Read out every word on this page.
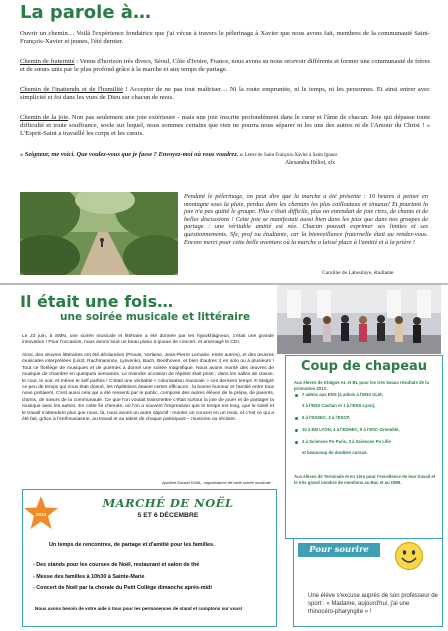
La parole à…

Ouvrir un chemin… Voilà l'expérience fondatrice que j'ai vécue à travers le pèlerinage à Xavier que nous avons fait, membres de la communauté Saint-François-Xavier et jeunes, l'été dernier.

Chemin de fraternité : Venus d'horizon très divers, Séoul, Côte d'Ivoire, France, nous avons su nous recevoir différents et former une communauté de frères et de sœurs unis par le plus profond grâce à la marche et aux temps de partage.

Chemin de l'inattendu et de l'humilité ! Accepter de ne pas tout maîtriser… Ni la route empruntée, ni le temps, ni les personnes. Et ainsi entrer avec simplicité et foi dans les vues de Dieu sur chacun de nous.

Chemin de la joie. Non pas seulement une joie extérieure - mais une joie inscrite profondément dans le cœur et l'âme de chacun. Joie qui dépasse toute difficulté et toute souffrance, socle sur lequel, nous sommes certains que rien ne pourra nous séparer ni les uns des autres ni de l'Amour du Christ ! » L'Esprit-Saint a travaillé les corps et les cœurs.

« Seigneur, me voici. Que voulez-vous que je fasse ? Envoyez-moi où vous voudrez. » Lettre de Saint François-Xavier à Saint Ignace
Alexandra Hélioi, sfx
Pendant le pèlerinage, on peut dire que la marche a été présente : 10 heures à peiner en montagne sous la pluie, perdus dans les chemins les plus caillouteux et sinueux! Et pourtant la joie n'a pas quitté le groupe. Plus c'était difficile, plus on entendait de joie rires, de chants et de belles discussions ! Cette joie se manifestait aussi bien dans les jeux que dans nos groupes de partage : une véritable amitié est née. Chacun pouvait exprimer ses limites et ses questionnements. Sfx, prof ou étudiante, car la bienveillance fraternelle était au rendez-vous. Encore merci pour cette belle aventure où la marche a laissé place à l'amitié et à la prière !
Caroline de Laboulaye, étudiante
Il était une fois…
une soirée musicale et littéraire

Le 23 juin, à SMN, une soirée musicale et littéraire a été donnée par les hypokhâgneux, c'était une grande innovation ! Pour l'occasion, nous avons loué un beau piano à queue de concert, et aménagé le CDI.

Ainsi, des œuvres littéraires ont été déclamées (Proust, Verlaine, Jean-Pierre Lemaire, entre autres), et des œuvres musicales interprétées (Liszt, Rachmaninov, Lysvenko, Bach, Beethoven, et bien d'autres !) en solo ou à plusieurs ! Tout ce florilège de musiques et de poèmes a donné une soirée magnifique. Nous avons monté des œuvres de musique de chambre en quelques semaines. Le moindre occasion de répéter était prise : dans les salles de classe, le cour, le soir, et même le self parfois ! C'était une véritable « colonisation musicale » ces derniers temps !!! Malgré ce peu de temps qui nous était donné, les répétitions étaient certes efficaces ; la bonne humeur et l'amitié entre tous nous portaient. C'est aussi cela qui a été ressenti par le public, composé des autres élèves de la prépa, de parents, d'amis, de sœurs de la communauté. Ce que l'on voulait transmettre c'était surtout la joie de jouer et de partager la musique avec les autres. En cette fin d'année, où l'on a souvent l'impression que le temps est long, que le soleil et le travail n'attendent plus que nous, là, nous avons un autre objectif : monter un concert en un mois, et c'est ce qui a été fait, grâce à l'enthousiasme, au travail et au talent de chaque participant – musicien ou récitant.

Apolline Dansel KHAL, organisatrice de cette soirée musicale
Coup de chapeau
Aux élèves de Khâgne AL et BL pour les très beaux résultats de la promotion 2013 :
7 admis aux ENS (4 admis à l'ENS ULM,
3 à l'ENS Cachan et 1 à l'ENS Lyon),
5 à l'ESSEC, 2 à l'ESCP,
10 à EM LYON, 4 à l'EDHEC, 9 à l'ESC-Grenoble,
3 à Sciences Po Paris, 3 à Sciences Po Lille
et beaucoup de doubles cursus.
Aux élèves de Terminale et en 1ère pour l'excellence de leur travail et le très grand nombre de mentions au Bac et au DNB.
2013
MARCHÉ DE NOËL
5 ET 6 DÉCEMBRE
Un temps de rencontres, de partage et d'amitié pour les familles.
- Des stands pour les courses de Noël, restaurant et salon de thé
- Messe des familles à 10h30 à Sainte-Marie
- Concert de Noël par la chorale du Petit Collège dimanche après-midi
Nous avons besoin de votre aide à tous pour les permanences de stand et comptons sur vous!
Pour sourire
Une élève s'excuse auprès de son professeur de sport : « Madame, aujourd'hui, j'ai une rhinocéro-pharyngite » !
